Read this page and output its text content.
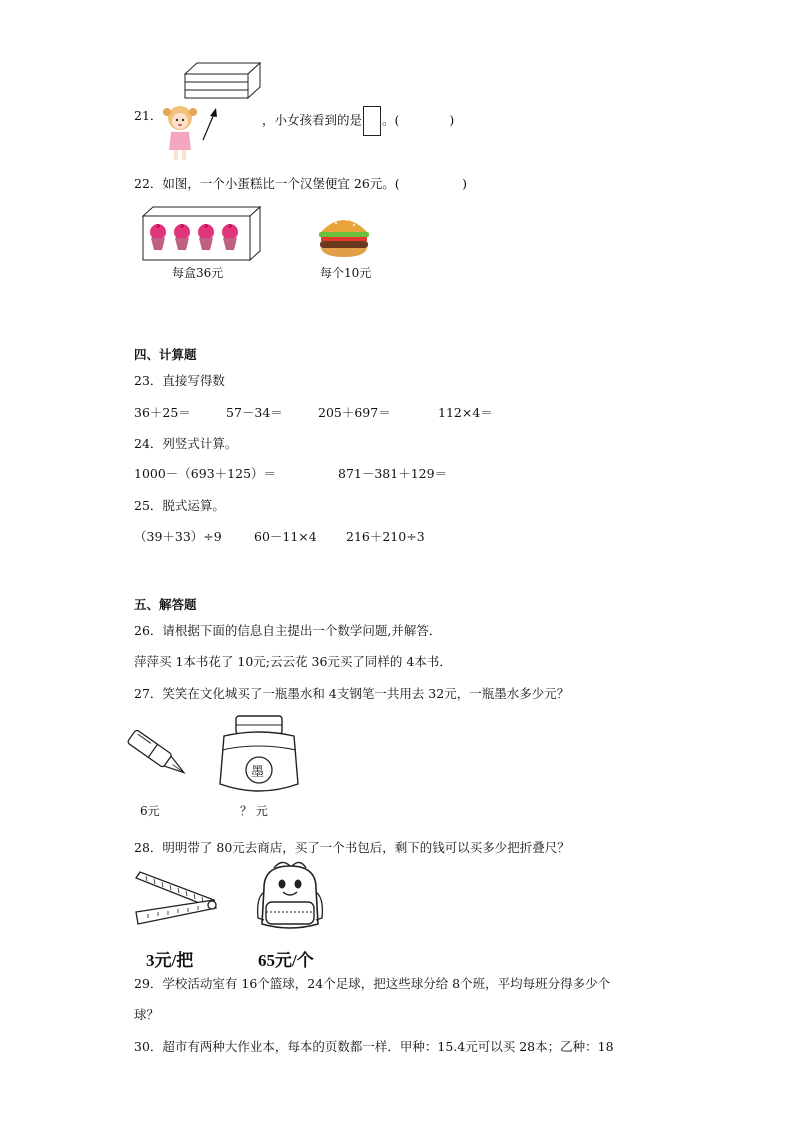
21．	，小女孩看到的是 。(　　　　)
22．如图，一个小蛋糕比一个汉堡便宜 26元。(　　　　　)
每盒36元	每个10元
四、计算题
23．直接写得数
36＋25＝	57－34＝	205＋697＝	112×4＝
24．列竖式计算。
1000－（693＋125）＝	871－381＋129＝
25．脱式运算。
（39＋33）÷9	60－11×4 216＋210÷3
五、解答题
26．请根据下面的信息自主提出一个数学问题,并解答．
萍萍买 1本书花了 10元;云云花 36元买了同样的 4本书．
27．笑笑在文化城买了一瓶墨水和 4支钢笔一共用去 32元，一瓶墨水多少元？
6元
墨
？ 元
28．明明带了 80元去商店，买了一个书包后，剩下的钱可以买多少把折叠尺？
3元/把	65元/个
29．学校活动室有 16个篮球，24个足球，把这些球分给 8个班，平均每班分得多少个
球？
30．超市有两种大作业本，每本的页数都一样．甲种：15.4元可以买 28本；乙种：18
